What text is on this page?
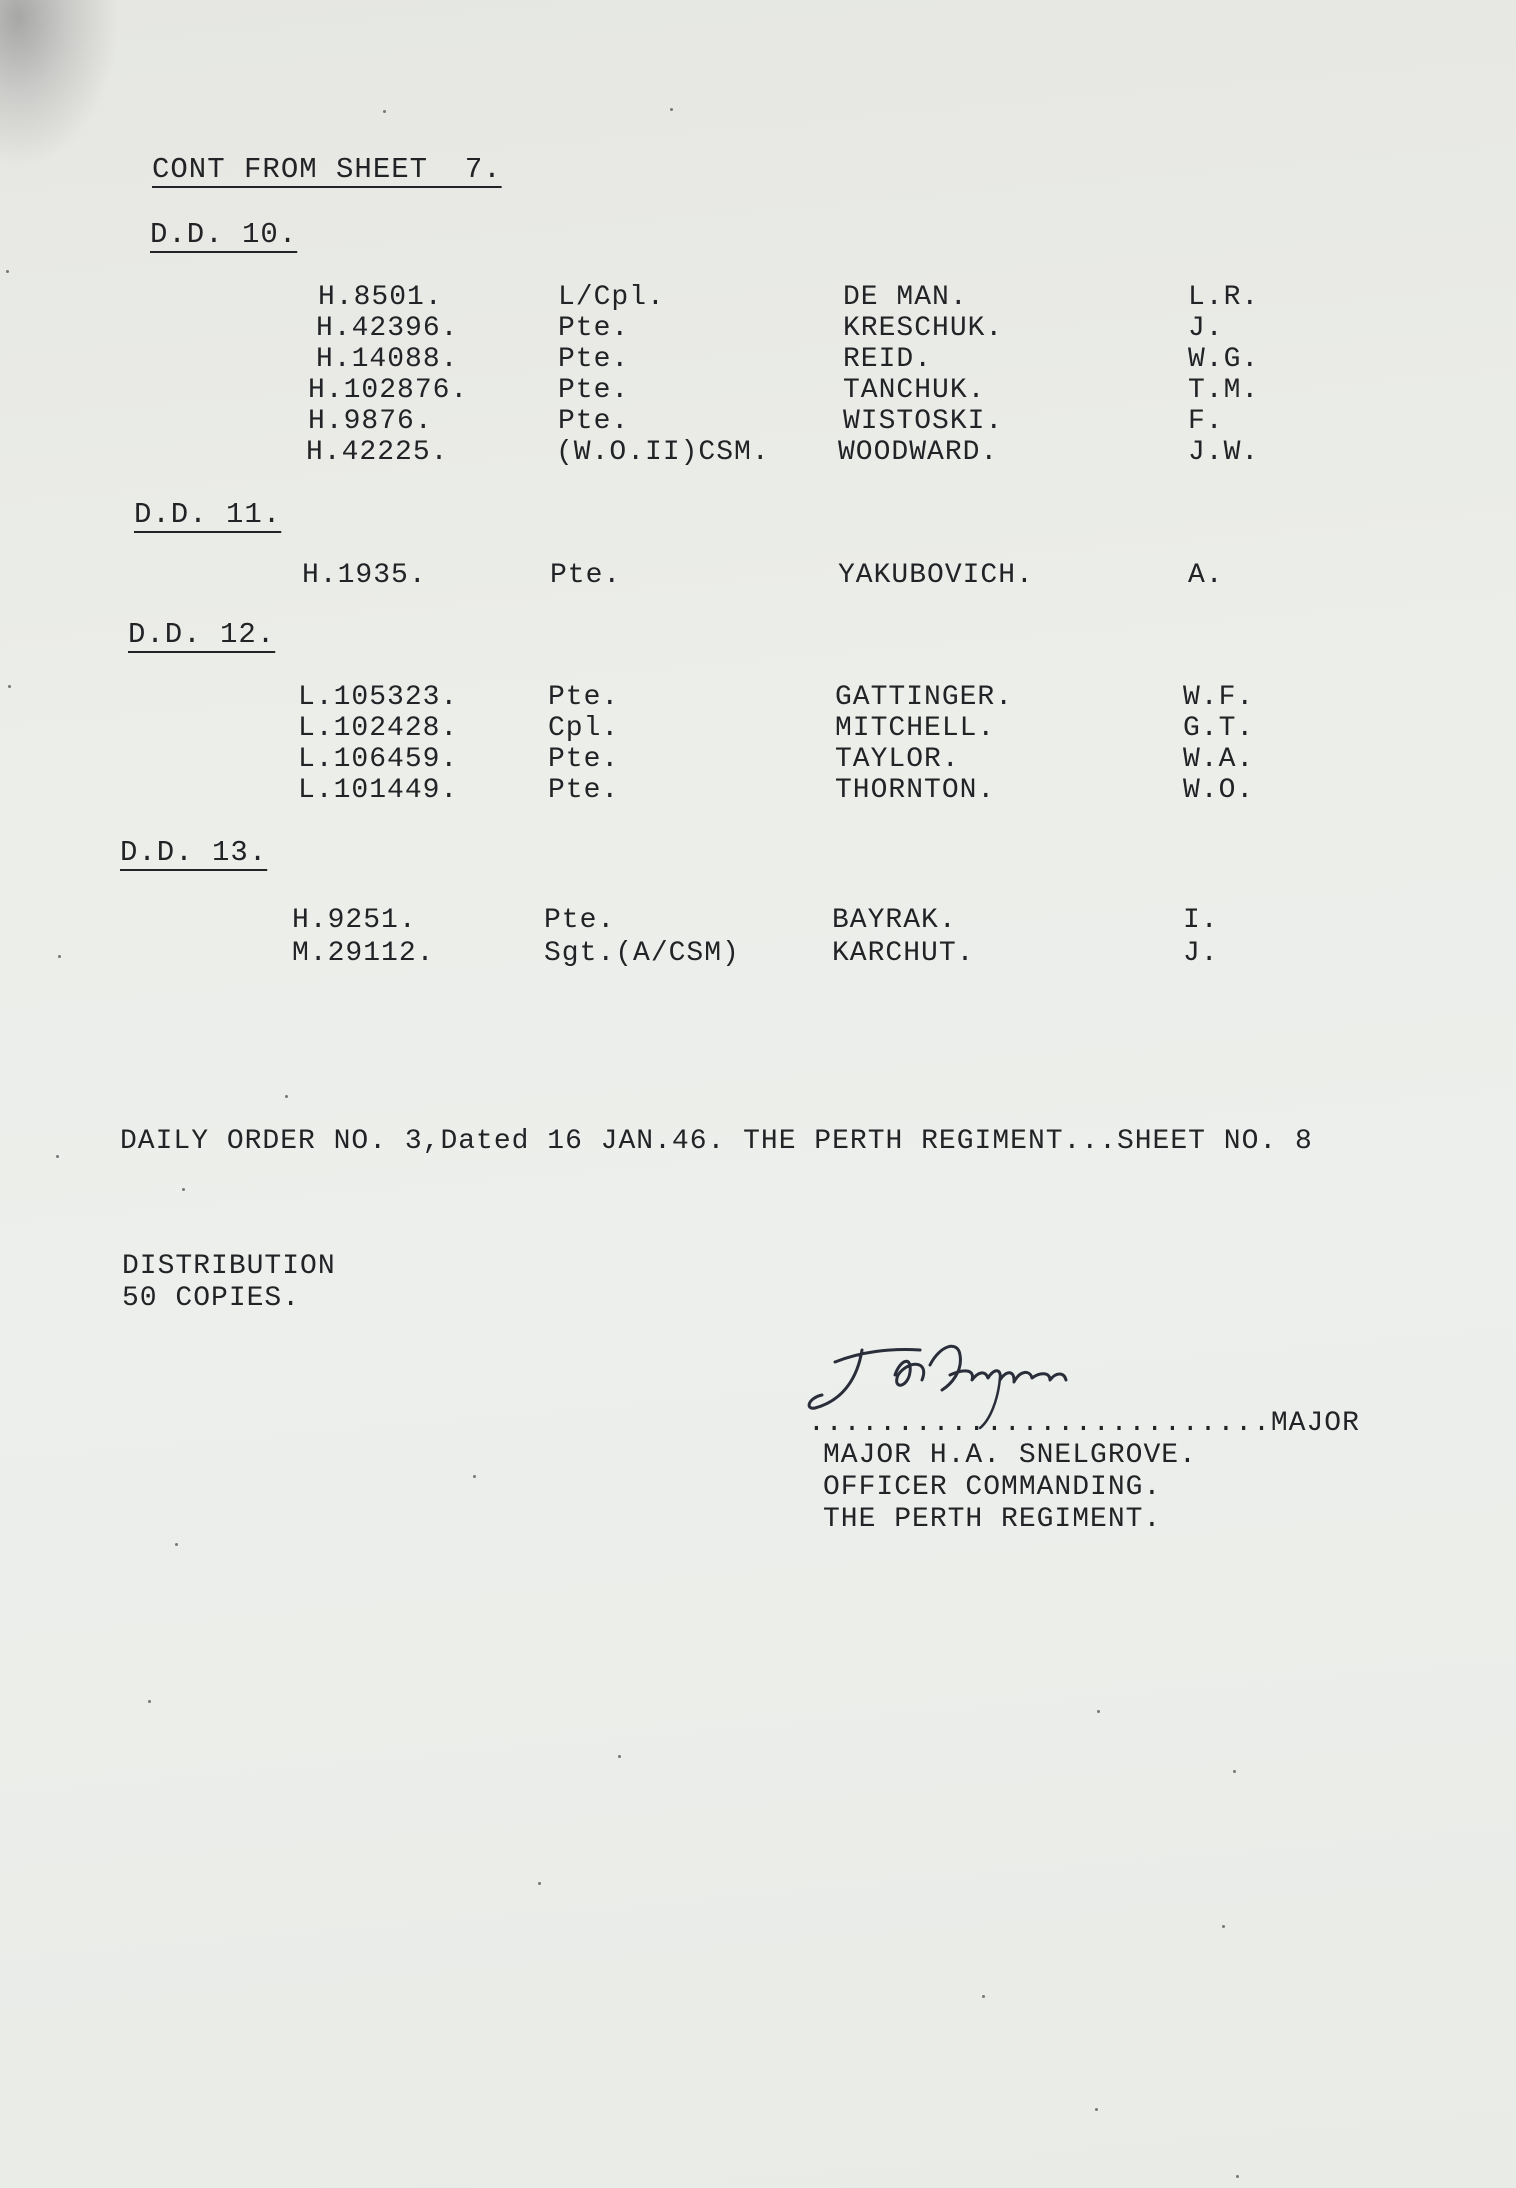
CONT FROM SHEET  7.
D.D. 10.
H.8501.	L/Cpl.	DE MAN.	L.R.
H.42396.	Pte.	KRESCHUK.	J.
H.14088.	Pte.	REID.	W.G.
H.102876.	Pte.	TANCHUK.	T.M.
H.9876.	Pte.	WISTOSKI.	F.
H.42225.	(W.O.II)CSM. WOODWARD.	J.W.
D.D. 11.
H.1935.	Pte.	YAKUBOVICH.	A.
D.D. 12.
L.105323.	Pte.	GATTINGER.	W.F.
L.102428.	Cpl.	MITCHELL.	G.T.
L.106459.	Pte.	TAYLOR.	W.A.
L.101449.	Pte.	THORNTON.	W.O.
D.D. 13.
H.9251.	Pte.	BAYRAK.	I.
M.29112.	Sgt.(A/CSM)	KARCHUT.	J.
DAILY ORDER NO. 3,Dated 16 JAN.46. THE PERTH REGIMENT...SHEET NO. 8
DISTRIBUTION
50 COPIES.
..........................MAJOR
MAJOR H.A. SNELGROVE.
OFFICER COMMANDING.
THE PERTH REGIMENT.
